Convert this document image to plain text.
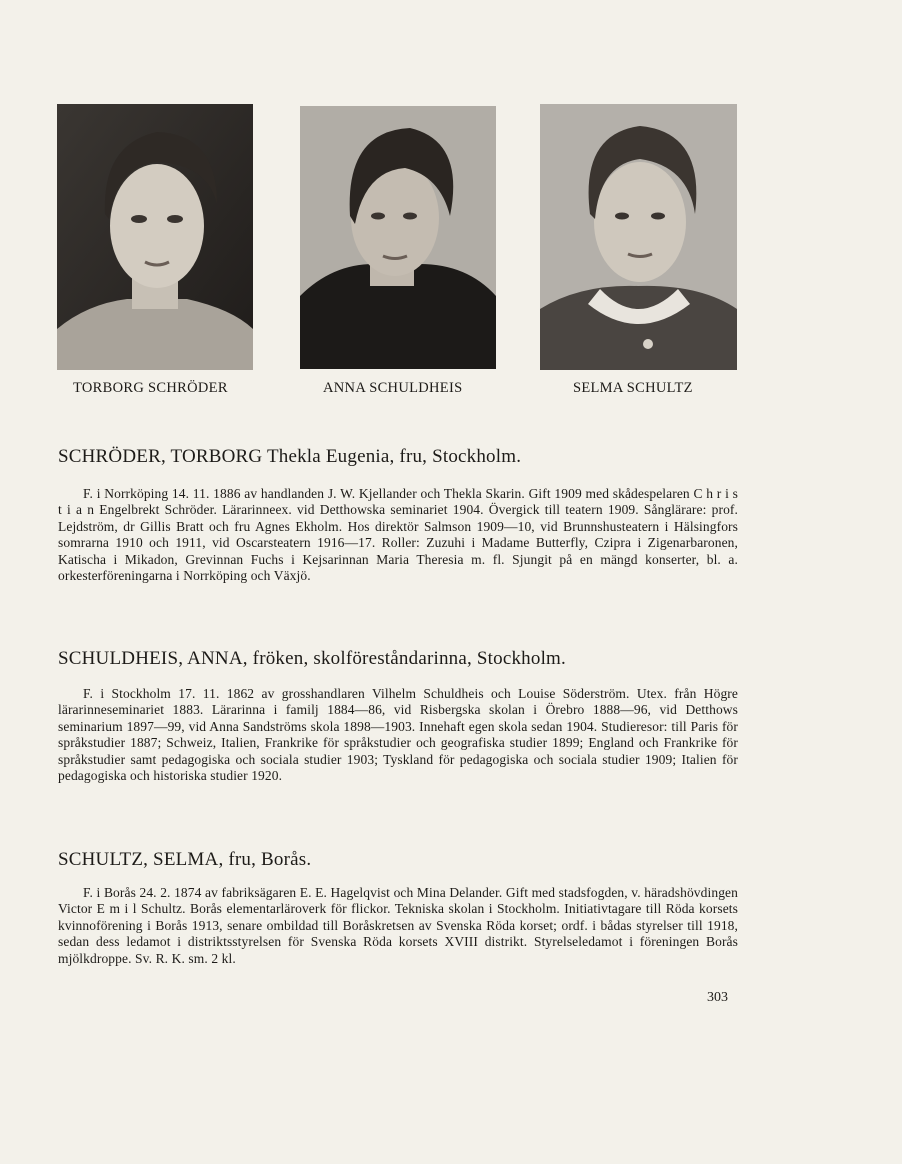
TORBORG SCHRÖDER	ANNA SCHULDHEIS	SELMA SCHULTZ
SCHRÖDER, TORBORG Thekla Eugenia, fru, Stockholm.

F. i Norrköping 14. 11. 1886 av handlanden J. W. Kjellander och Thekla Skarin. Gift 1909 med skådespelaren C h r i s t i a n Engelbrekt Schröder. Lärarinneex. vid Detthowska seminariet 1904. Övergick till teatern 1909. Sånglärare: prof. Lejdström, dr Gillis Bratt och fru Agnes Ekholm. Hos direktör Salmson 1909—10, vid Brunnshusteatern i Hälsingfors somrarna 1910 och 1911, vid Oscarsteatern 1916—17. Roller: Zuzuhi i Madame Butterfly, Czipra i Zigenarbaronen, Katischa i Mikadon, Grevinnan Fuchs i Kejsarinnan Maria Theresia m. fl. Sjungit på en mängd konserter, bl. a. orkesterföreningarna i Norrköping och Växjö.

SCHULDHEIS, ANNA, fröken, skolföreståndarinna, Stockholm.

F. i Stockholm 17. 11. 1862 av grosshandlaren Vilhelm Schuldheis och Louise Söderström. Utex. från Högre lärarinneseminariet 1883. Lärarinna i familj 1884—86, vid Risbergska skolan i Örebro 1888—96, vid Detthows seminarium 1897—99, vid Anna Sandströms skola 1898—1903. Innehaft egen skola sedan 1904. Studieresor: till Paris för språkstudier 1887; Schweiz, Italien, Frankrike för språkstudier och geografiska studier 1899; England och Frankrike för språkstudier samt pedagogiska och sociala studier 1903; Tyskland för pedagogiska och sociala studier 1909; Italien för pedagogiska och historiska studier 1920.

SCHULTZ, SELMA, fru, Borås.

F. i Borås 24. 2. 1874 av fabriksägaren E. E. Hagelqvist och Mina Delander. Gift med stadsfogden, v. häradshövdingen Victor E m i l Schultz. Borås elementarläroverk för flickor. Tekniska skolan i Stockholm. Initiativtagare till Röda korsets kvinnoförening i Borås 1913, senare ombildad till Boråskretsen av Svenska Röda korset; ordf. i bådas styrelser till 1918, sedan dess ledamot i distriktsstyrelsen för Svenska Röda korsets XVIII distrikt. Styrelseledamot i föreningen Borås mjölkdroppe. Sv. R. K. sm. 2 kl.

303
